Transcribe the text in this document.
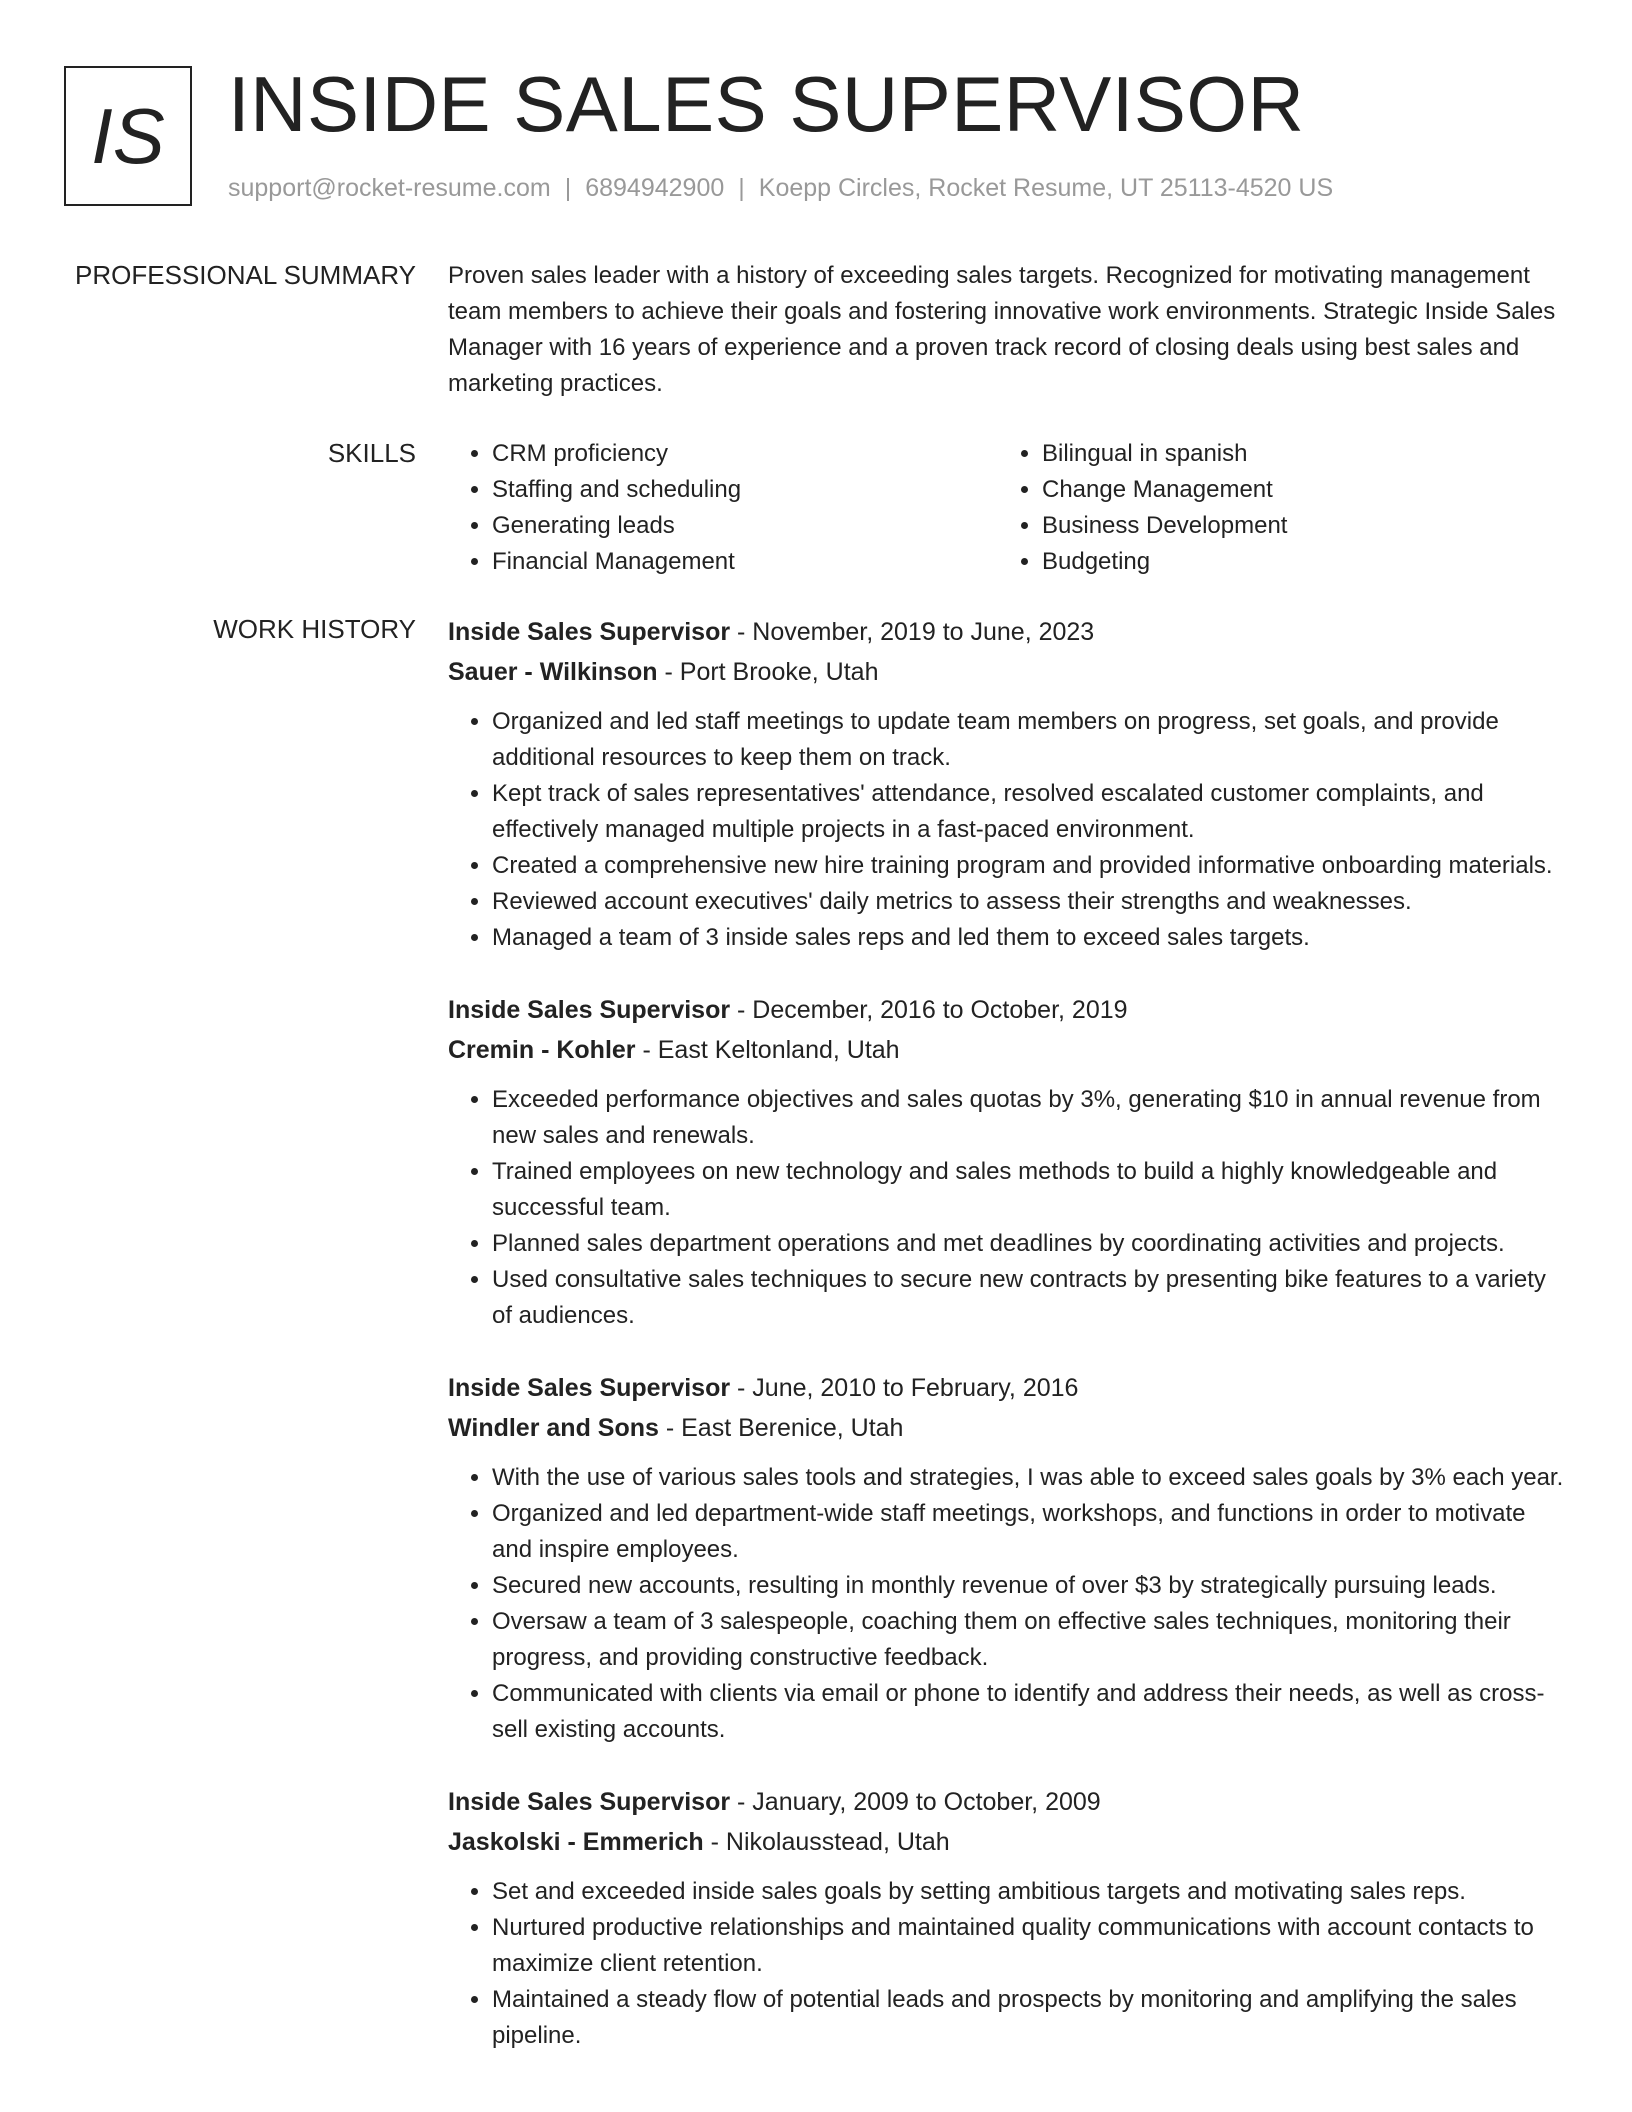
IS INSIDE SALES SUPERVISOR
support@rocket-resume.com | 6894942900 | Koepp Circles, Rocket Resume, UT 25113-4520 US
PROFESSIONAL SUMMARY Proven sales leader with a history of exceeding sales targets. Recognized for motivating management team members to achieve their goals and fostering innovative work environments. Strategic Inside Sales Manager with 16 years of experience and a proven track record of closing deals using best sales and marketing practices.
SKILLS
•	CRM proficiency
• Staffing and scheduling
• Generating leads
• Financial Management
• Bilingual in spanish
• Change Management
• Business Development
• Budgeting
WORK HISTORY Inside Sales Supervisor - November, 2019 to June, 2023
Sauer - Wilkinson - Port Brooke, Utah
• Organized and led staff meetings to update team members on progress, set goals, and provide additional resources to keep them on track.
• Kept track of sales representatives' attendance, resolved escalated customer complaints, and effectively managed multiple projects in a fast-paced environment.
• Created a comprehensive new hire training program and provided informative onboarding materials.
• Reviewed account executives' daily metrics to assess their strengths and weaknesses.
• Managed a team of 3 inside sales reps and led them to exceed sales targets.
Inside Sales Supervisor - December, 2016 to October, 2019
Cremin - Kohler - East Keltonland, Utah
• Exceeded performance objectives and sales quotas by 3%, generating $10 in annual revenue from new sales and renewals.
• Trained employees on new technology and sales methods to build a highly knowledgeable and successful team.
• Planned sales department operations and met deadlines by coordinating activities and projects.
• Used consultative sales techniques to secure new contracts by presenting bike features to a variety of audiences.
Inside Sales Supervisor - June, 2010 to February, 2016
Windler and Sons - East Berenice, Utah
• With the use of various sales tools and strategies, I was able to exceed sales goals by 3% each year.
• Organized and led department-wide staff meetings, workshops, and functions in order to motivate and inspire employees.
• Secured new accounts, resulting in monthly revenue of over $3 by strategically pursuing leads.
• Oversaw a team of 3 salespeople, coaching them on effective sales techniques, monitoring their progress, and providing constructive feedback.
• Communicated with clients via email or phone to identify and address their needs, as well as cross-sell existing accounts.
Inside Sales Supervisor - January, 2009 to October, 2009
Jaskolski - Emmerich - Nikolausstead, Utah
• Set and exceeded inside sales goals by setting ambitious targets and motivating sales reps.
• Nurtured productive relationships and maintained quality communications with account contacts to maximize client retention.
• Maintained a steady flow of potential leads and prospects by monitoring and amplifying the sales pipeline.
